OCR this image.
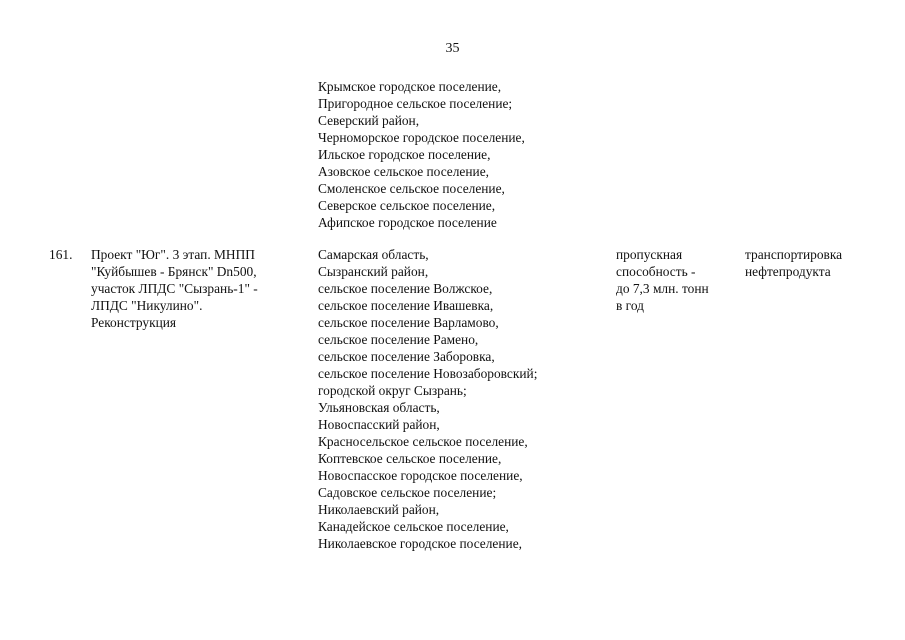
35
Крымское городское поселение,
Пригородное сельское поселение;
Северский район,
Черноморское городское поселение,
Ильское городское поселение,
Азовское сельское поселение,
Смоленское сельское поселение,
Северское сельское поселение,
Афипское городское поселение
161. Проект "Юг". 3 этап. МНПП
"Куйбышев - Брянск" Dn500,
участок ЛПДС "Сызрань-1" -
ЛПДС "Никулино".
Реконструкция
Самарская область,
Сызранский район,
сельское поселение Волжское,
сельское поселение Ивашевка,
сельское поселение Варламово,
сельское поселение Рамено,
сельское поселение Заборовка,
сельское поселение Новозаборовский;
городской округ Сызрань;
Ульяновская область,
Новоспасский район,
Красносельское сельское поселение,
Коптевское сельское поселение,
Новоспасское городское поселение,
Садовское сельское поселение;
Николаевский район,
Канадейское сельское поселение,
Николаевское городское поселение,
пропускная
способность -
до 7,3 млн. тонн
в год
транспортировка
нефтепродукта
